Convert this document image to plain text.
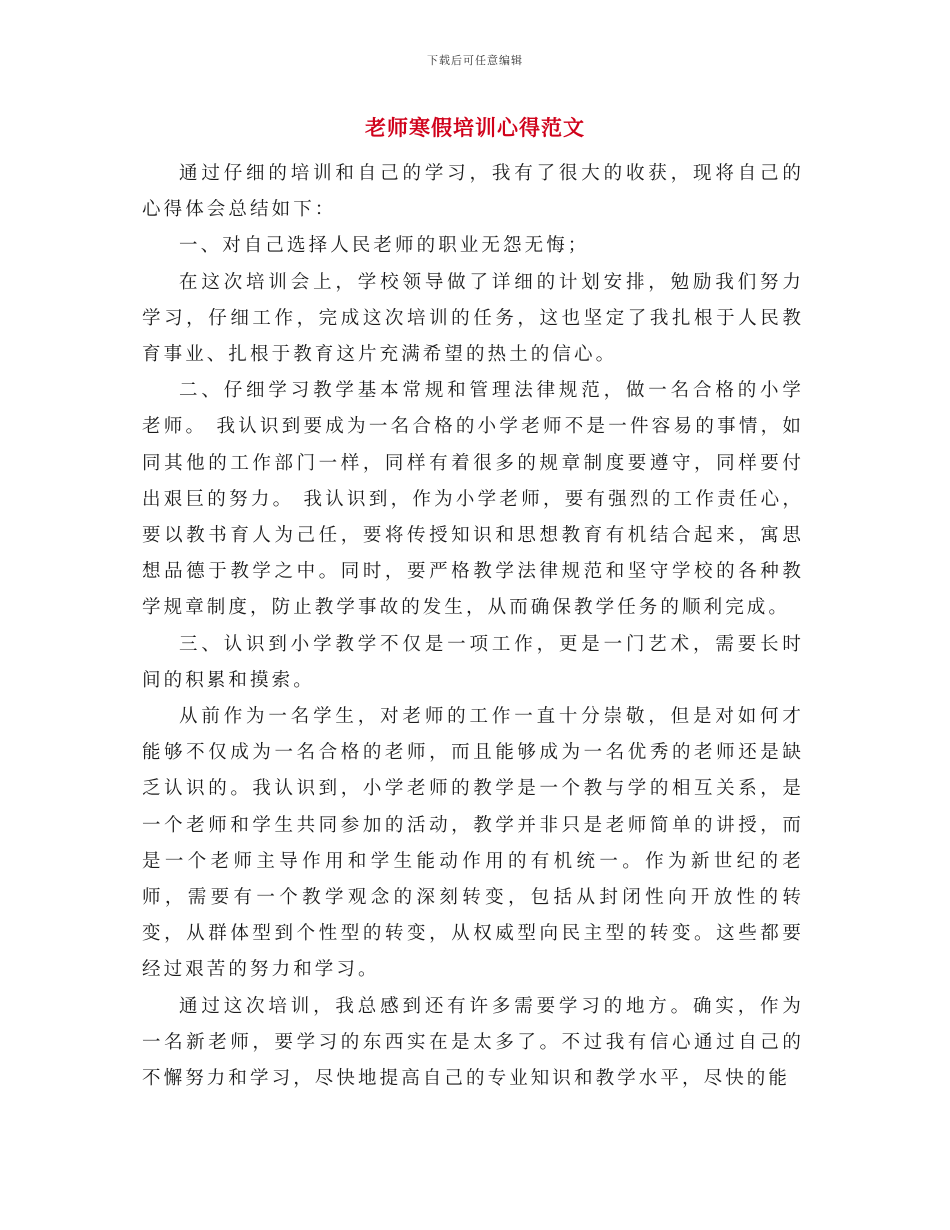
下载后可任意编辑
老师寒假培训心得范文

通过仔细的培训和自己的学习，我有了很大的收获，现将自己的心得体会总结如下：

一、对自己选择人民老师的职业无怨无悔；

在这次培训会上，学校领导做了详细的计划安排，勉励我们努力学习，仔细工作，完成这次培训的任务，这也坚定了我扎根于人民教育事业、扎根于教育这片充满希望的热土的信心。

二、仔细学习教学基本常规和管理法律规范，做一名合格的小学老师。 我认识到要成为一名合格的小学老师不是一件容易的事情，如同其他的工作部门一样，同样有着很多的规章制度要遵守，同样要付出艰巨的努力。 我认识到，作为小学老师，要有强烈的工作责任心，要以教书育人为己任，要将传授知识和思想教育有机结合起来，寓思想品德于教学之中。同时，要严格教学法律规范和坚守学校的各种教学规章制度，防止教学事故的发生，从而确保教学任务的顺利完成。

三、认识到小学教学不仅是一项工作，更是一门艺术，需要长时间的积累和摸索。

从前作为一名学生，对老师的工作一直十分崇敬，但是对如何才能够不仅成为一名合格的老师，而且能够成为一名优秀的老师还是缺乏认识的。我认识到，小学老师的教学是一个教与学的相互关系，是一个老师和学生共同参加的活动，教学并非只是老师简单的讲授，而是一个老师主导作用和学生能动作用的有机统一。作为新世纪的老师，需要有一个教学观念的深刻转变，包括从封闭性向开放性的转变，从群体型到个性型的转变，从权威型向民主型的转变。这些都要经过艰苦的努力和学习。

通过这次培训，我总感到还有许多需要学习的地方。确实，作为一名新老师，要学习的东西实在是太多了。不过我有信心通过自己的不懈努力和学习，尽快地提高自己的专业知识和教学水平，尽快的能
